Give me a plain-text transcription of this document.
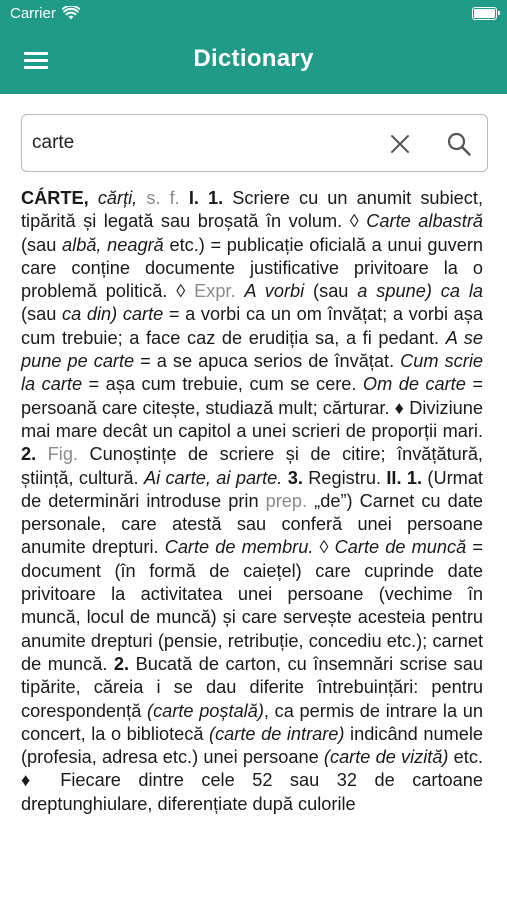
Carrier
Dictionary
carte
CÁRTE, cărți, s. f. I. 1. Scriere cu un anumit subiect, tipărită și legată sau broșată în volum. ◊ Carte albastră (sau albă, neagră etc.) = publicație oficială a unui guvern care conține documente justificative privitoare la o problemă politică. ◊ Expr. A vorbi (sau a spune) ca la (sau ca din) carte = a vorbi ca un om învățat; a vorbi așa cum trebuie; a face caz de erudiția sa, a fi pedant. A se pune pe carte = a se apuca serios de învățat. Cum scrie la carte = așa cum trebuie, cum se cere. Om de carte = persoană care citește, studiază mult; cărturar. ♦ Diviziune mai mare decât un capitol a unei scrieri de proporții mari. 2. Fig. Cunoștințe de scriere și de citire; învățătură, știință, cultură. Ai carte, ai parte. 3. Registru. II. 1. (Urmat de determinări introduse prin prep. „de”) Carnet cu date personale, care atestă sau conferă unei persoane anumite drepturi. Carte de membru. ◊ Carte de muncă = document (în formă de caiețel) care cuprinde date privitoare la activitatea unei persoane (vechime în muncă, locul de muncă) și care servește acesteia pentru anumite drepturi (pensie, retribuție, concediu etc.); carnet de muncă. 2. Bucată de carton, cu însemnări scrise sau tipărite, căreia i se dau diferite întrebuințări: pentru corespondență (carte poștală), ca permis de intrare la un concert, la o bibliotecă (carte de intrare) indicând numele (profesia, adresa etc.) unei persoane (carte de vizită) etc. ♦ Fiecare dintre cele 52 sau 32 de cartoane dreptunghiulare, diferențiate după culorile
